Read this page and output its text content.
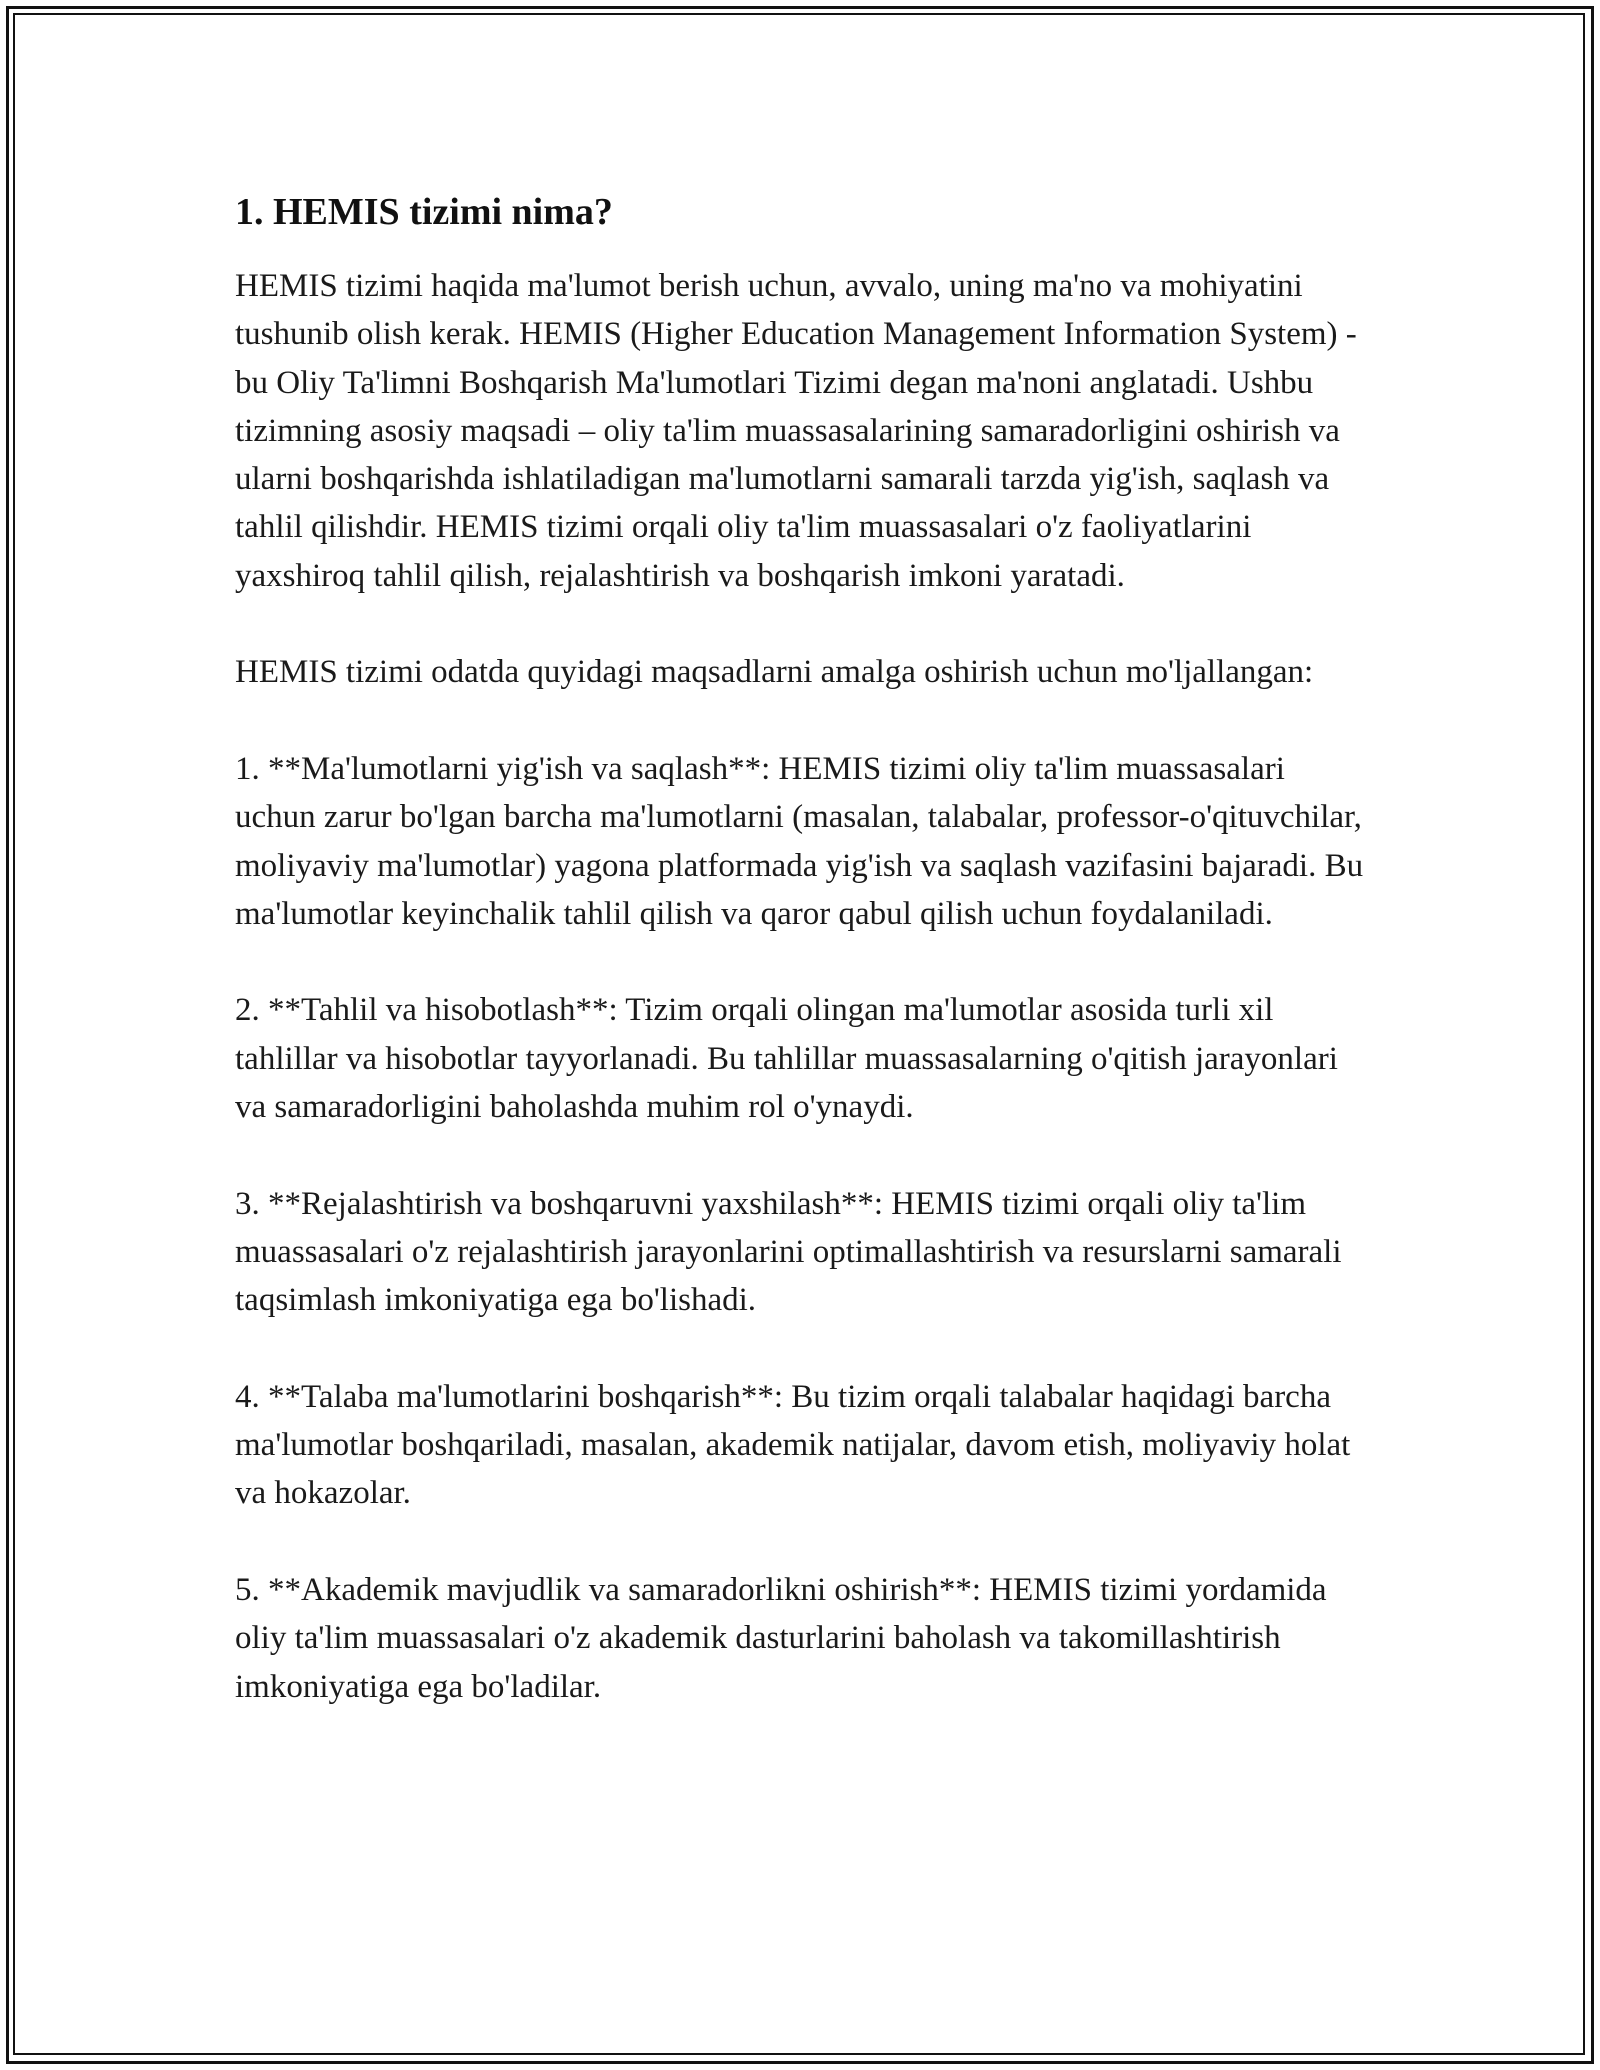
1. HEMIS tizimi nima?

HEMIS tizimi haqida ma'lumot berish uchun, avvalo, uning ma'no va mohiyatini tushunib olish kerak. HEMIS (Higher Education Management Information System) - bu Oliy Ta'limni Boshqarish Ma'lumotlari Tizimi degan ma'noni anglatadi. Ushbu tizimning asosiy maqsadi – oliy ta'lim muassasalarining samaradorligini oshirish va ularni boshqarishda ishlatiladigan ma'lumotlarni samarali tarzda yig'ish, saqlash va tahlil qilishdir. HEMIS tizimi orqali oliy ta'lim muassasalari o'z faoliyatlarini yaxshiroq tahlil qilish, rejalashtirish va boshqarish imkoni yaratadi.

HEMIS tizimi odatda quyidagi maqsadlarni amalga oshirish uchun mo'ljallangan:

1. **Ma'lumotlarni yig'ish va saqlash**: HEMIS tizimi oliy ta'lim muassasalari uchun zarur bo'lgan barcha ma'lumotlarni (masalan, talabalar, professor-o'qituvchilar, moliyaviy ma'lumotlar) yagona platformada yig'ish va saqlash vazifasini bajaradi. Bu ma'lumotlar keyinchalik tahlil qilish va qaror qabul qilish uchun foydalaniladi.

2. **Tahlil va hisobotlash**: Tizim orqali olingan ma'lumotlar asosida turli xil tahlillar va hisobotlar tayyorlanadi. Bu tahlillar muassasalarning o'qitish jarayonlari va samaradorligini baholashda muhim rol o'ynaydi.

3. **Rejalashtirish va boshqaruvni yaxshilash**: HEMIS tizimi orqali oliy ta'lim muassasalari o'z rejalashtirish jarayonlarini optimallashtirish va resurslarni samarali taqsimlash imkoniyatiga ega bo'lishadi.

4. **Talaba ma'lumotlarini boshqarish**: Bu tizim orqali talabalar haqidagi barcha ma'lumotlar boshqariladi, masalan, akademik natijalar, davom etish, moliyaviy holat va hokazolar.

5. **Akademik mavjudlik va samaradorlikni oshirish**: HEMIS tizimi yordamida oliy ta'lim muassasalari o'z akademik dasturlarini baholash va takomillashtirish imkoniyatiga ega bo'ladilar.
